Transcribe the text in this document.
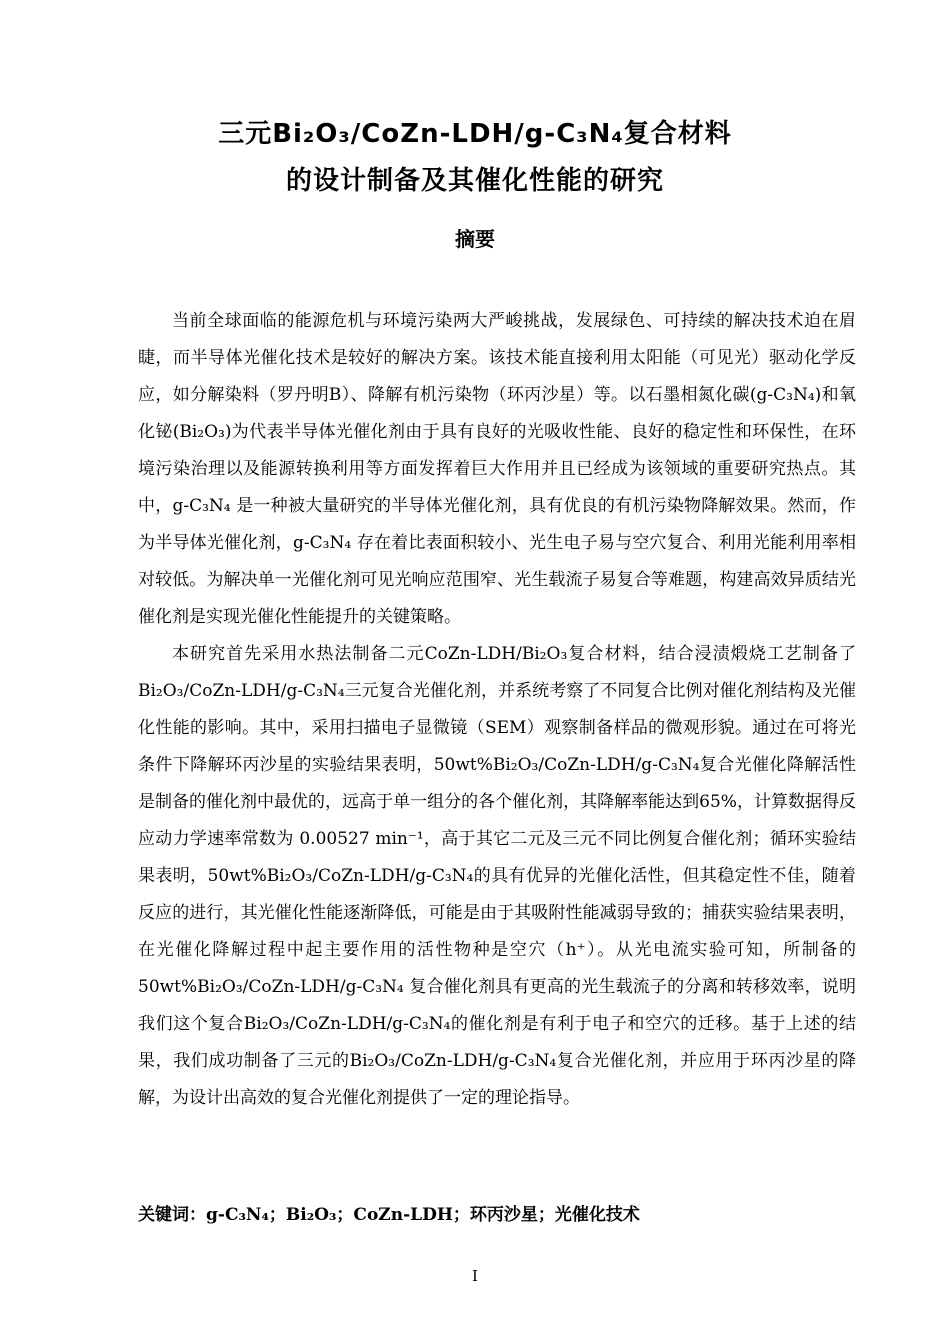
三元Bi₂O₃/CoZn-LDH/g-C₃N₄复合材料
的设计制备及其催化性能的研究
摘要

当前全球面临的能源危机与环境污染两大严峻挑战，发展绿色、可持续的解决技术迫在眉睫，而半导体光催化技术是较好的解决方案。该技术能直接利用太阳能（可见光）驱动化学反应，如分解染料（罗丹明B）、降解有机污染物（环丙沙星）等。以石墨相氮化碳(g-C₃N₄)和氧化铋(Bi₂O₃)为代表半导体光催化剂由于具有良好的光吸收性能、良好的稳定性和环保性，在环境污染治理以及能源转换利用等方面发挥着巨大作用并且已经成为该领域的重要研究热点。其中，g-C₃N₄ 是一种被大量研究的半导体光催化剂，具有优良的有机污染物降解效果。然而，作为半导体光催化剂，g-C₃N₄ 存在着比表面积较小、光生电子易与空穴复合、利用光能利用率相对较低。为解决单一光催化剂可见光响应范围窄、光生载流子易复合等难题，构建高效异质结光催化剂是实现光催化性能提升的关键策略。

本研究首先采用水热法制备二元CoZn-LDH/Bi₂O₃复合材料，结合浸渍煅烧工艺制备了Bi₂O₃/CoZn-LDH/g-C₃N₄三元复合光催化剂，并系统考察了不同复合比例对催化剂结构及光催化性能的影响。其中，采用扫描电子显微镜（SEM）观察制备样品的微观形貌。通过在可将光条件下降解环丙沙星的实验结果表明，50wt%Bi₂O₃/CoZn-LDH/g-C₃N₄复合光催化降解活性是制备的催化剂中最优的，远高于单一组分的各个催化剂，其降解率能达到65%，计算数据得反应动力学速率常数为 0.00527 min⁻¹，高于其它二元及三元不同比例复合催化剂；循环实验结果表明，50wt%Bi₂O₃/CoZn-LDH/g-C₃N₄的具有优异的光催化活性，但其稳定性不佳，随着反应的进行，其光催化性能逐渐降低，可能是由于其吸附性能减弱导致的；捕获实验结果表明，在光催化降解过程中起主要作用的活性物种是空穴（h⁺）。从光电流实验可知，所制备的50wt%Bi₂O₃/CoZn-LDH/g-C₃N₄ 复合催化剂具有更高的光生载流子的分离和转移效率，说明我们这个复合Bi₂O₃/CoZn-LDH/g-C₃N₄的催化剂是有利于电子和空穴的迁移。基于上述的结果，我们成功制备了三元的Bi₂O₃/CoZn-LDH/g-C₃N₄复合光催化剂，并应用于环丙沙星的降解，为设计出高效的复合光催化剂提供了一定的理论指导。

关键词：g-C₃N₄；Bi₂O₃；CoZn-LDH；环丙沙星；光催化技术
I
